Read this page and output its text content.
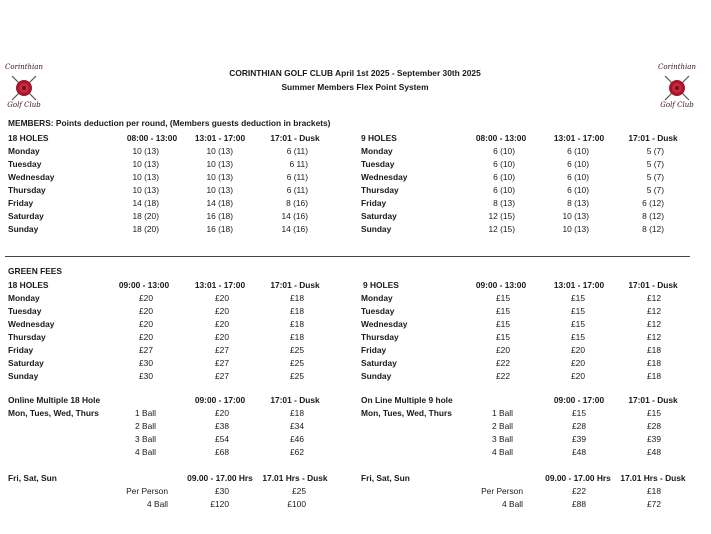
Corinthian
Golf Club
Corinthian
Golf Club
CORINTHIAN GOLF CLUB April 1st 2025 - September 30th 2025
Summer Members Flex Point System
MEMBERS: Points deduction per round, (Members guests deduction in brackets)
18 HOLES	08:00 - 13:00	13:01 - 17:00	17:01 - Dusk
Monday	10 (13)	10 (13)	6 (11)
Tuesday	10 (13)	10 (13)	6 11)
Wednesday	10 (13)	10 (13)	6 (11)
Thursday	10 (13)	10 (13)	6 (11)
Friday	14 (18)	14 (18)	8 (16)
Saturday	18 (20)	16 (18)	14 (16)
Sunday	18 (20)	16 (18)	14 (16)
9 HOLES	08:00 - 13:00	13:01 - 17:00	17:01 - Dusk
Monday	6 (10)	6 (10)	5 (7)
Tuesday	6 (10)	6 (10)	5 (7)
Wednesday	6 (10)	6 (10)	5 (7)
Thursday	6 (10)	6 (10)	5 (7)
Friday	8 (13)	8 (13)	6 (12)
Saturday	12 (15)	10 (13)	8 (12)
Sunday	12 (15)	10 (13)	8 (12)
GREEN FEES
18 HOLES	09:00 - 13:00	13:01 - 17:00	17:01 - Dusk
Monday	£20	£20	£18
Tuesday	£20	£20	£18
Wednesday	£20	£20	£18
Thursday	£20	£20	£18
Friday	£27	£27	£25
Saturday	£30	£27	£25
Sunday	£30	£27	£25
9 HOLES	09:00 - 13:00	13:01 - 17:00	17:01 - Dusk
Monday	£15	£15	£12
Tuesday	£15	£15	£12
Wednesday	£15	£15	£12
Thursday	£15	£15	£12
Friday	£20	£20	£18
Saturday	£22	£20	£18
Sunday	£22	£20	£18
Online Multiple 18 Hole	09:00 - 17:00	17:01 - Dusk
Mon, Tues, Wed, Thurs	1 Ball	£20	£18
2 Ball	£38	£34
3 Ball	£54	£46
4 Ball	£68	£62
On Line Multiple 9 hole	09:00 - 17:00	17:01 - Dusk
Mon, Tues, Wed, Thurs	1 Ball	£15	£15
2 Ball	£28	£28
3 Ball	£39	£39
4 Ball	£48	£48
Fri, Sat, Sun	09.00 - 17.00 Hrs	17.01 Hrs - Dusk
Per Person	£30	£25
4 Ball	£120	£100
Fri, Sat, Sun	09.00 - 17.00 Hrs	17.01 Hrs - Dusk
Per Person	£22	£18
4 Ball	£88	£72
